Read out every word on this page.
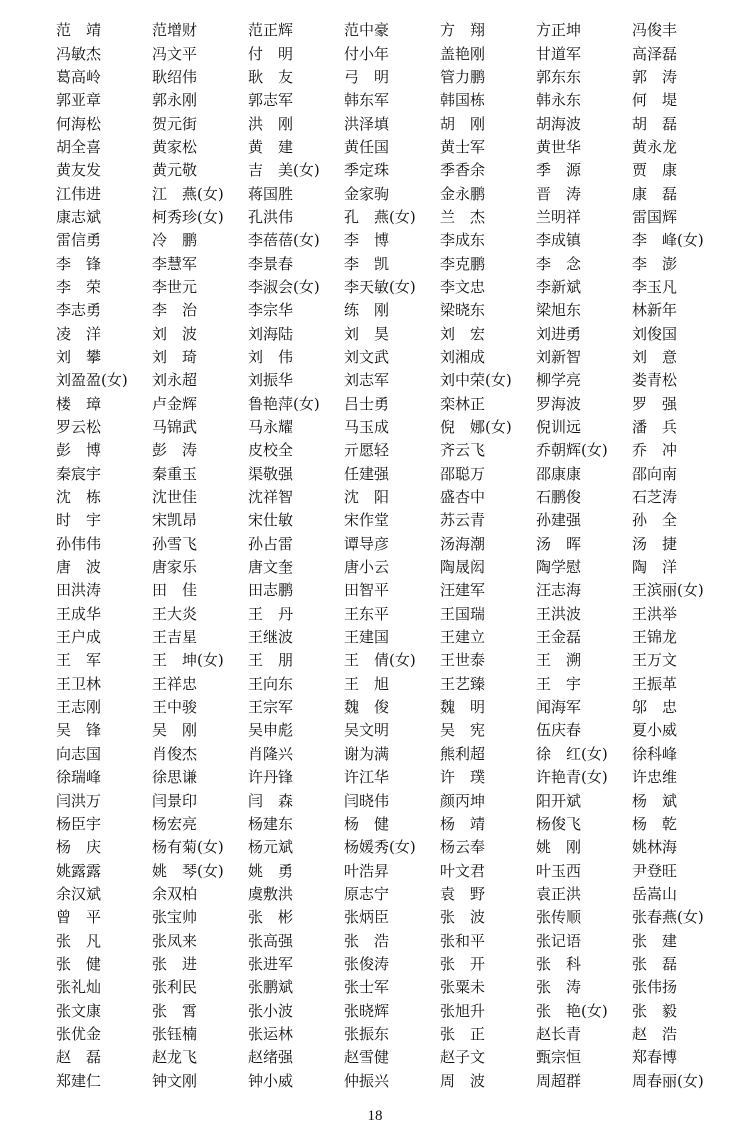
范　靖	范增财	范正辉	范中豪	方　翔	方正坤	冯俊丰
冯敏杰	冯文平	付　明	付小年	盖艳刚	甘道军	高泽磊
葛高岭	耿绍伟	耿　友	弓　明	管力鹏	郭东东	郭　涛
郭亚章	郭永刚	郭志军	韩东军	韩国栋	韩永东	何　堤
何海松	贺元街	洪　刚	洪泽填	胡　刚	胡海波	胡　磊
胡全喜	黄家松	黄　建	黄任国	黄士军	黄世华	黄永龙
黄友发	黄元敬	吉　美(女)	季定珠	季香余	季　源	贾　康
江伟进	江　燕(女)	蒋国胜	金家驹	金永鹏	晋　涛	康　磊
康志斌	柯秀珍(女)	孔洪伟	孔　燕(女)	兰　杰	兰明祥	雷国辉
雷信勇	冷　鹏	李蓓蓓(女)	李　博	李成东	李成镇	李　峰(女)
李　锋	李慧军	李景春	李　凯	李克鹏	李　念	李　澎
李　荣	李世元	李淑会(女)	李天敏(女)	李文忠	李新斌	李玉凡
李志勇	李　治	李宗华	练　刚	梁晓东	梁旭东	林新年
凌　洋	刘　波	刘海陆	刘　昊	刘　宏	刘进勇	刘俊国
刘　攀	刘　琦	刘　伟	刘文武	刘湘成	刘新智	刘　意
刘盈盈(女)	刘永超	刘振华	刘志军	刘中荣(女)	柳学亮	娄青松
楼　璋	卢金辉	鲁艳萍(女)	吕士勇	栾林正	罗海波	罗　强
罗云松	马锦武	马永耀	马玉成	倪　娜(女)	倪训远	潘　兵
彭　博	彭　涛	皮校全	亓愿轻	齐云飞	乔朝辉(女)	乔　冲
秦宸宇	秦重玉	渠敬强	任建强	邵聪万	邵康康	邵向南
沈　栋	沈世佳	沈祥智	沈　阳	盛杏中	石鹏俊	石芝涛
时　宇	宋凯昂	宋仕敏	宋作堂	苏云青	孙建强	孙　全
孙伟伟	孙雪飞	孙占雷	谭导彦	汤海潮	汤　晖	汤　捷
唐　波	唐家乐	唐文奎	唐小云	陶晟闳	陶学慰	陶　洋
田洪涛	田　佳	田志鹏	田智平	汪建军	汪志海	王滨丽(女)
王成华	王大炎	王　丹	王东平	王国瑞	王洪波	王洪举
王户成	王吉星	王继波	王建国	王建立	王金磊	王锦龙
王　军	王　坤(女)	王　朋	王　倩(女)	王世泰	王　溯	王万文
王卫林	王祥忠	王向东	王　旭	王艺臻	王　宇	王振革
王志刚	王中骏	王宗军	魏　俊	魏　明	闻海军	邬　忠
吴　锋	吴　刚	吴申彪	吴文明	吴　宪	伍庆春	夏小威
向志国	肖俊杰	肖隆兴	谢为满	熊利超	徐　红(女)	徐科峰
徐瑞峰	徐思谦	许丹锋	许江华	许　璞	许艳青(女)	许忠维
闫洪万	闫景印	闫　森	闫晓伟	颜丙坤	阳开斌	杨　斌
杨臣宇	杨宏亮	杨建东	杨　健	杨　靖	杨俊飞	杨　乾
杨　庆	杨有菊(女)	杨元斌	杨媛秀(女)	杨云奉	姚　刚	姚林海
姚露露	姚　琴(女)	姚　勇	叶浩昇	叶文君	叶玉西	尹登旺
余汉斌	余双柏	虞敷洪	原志宁	袁　野	袁正洪	岳嵩山
曾　平	张宝帅	张　彬	张炳臣	张　波	张传顺	张春燕(女)
张　凡	张凤来	张高强	张　浩	张和平	张记语	张　建
张　健	张　进	张进军	张俊涛	张　开	张　科	张　磊
张礼灿	张利民	张鹏斌	张士军	张粟未	张　涛	张伟扬
张文康	张　霄	张小波	张晓辉	张旭升	张　艳(女)	张　毅
张优金	张钰楠	张运林	张振东	张　正	赵长青	赵　浩
赵　磊	赵龙飞	赵绪强	赵雪健	赵子文	甄宗恒	郑春博
郑建仁	钟文刚	钟小威	仲振兴	周　波	周超群	周春丽(女)
18
